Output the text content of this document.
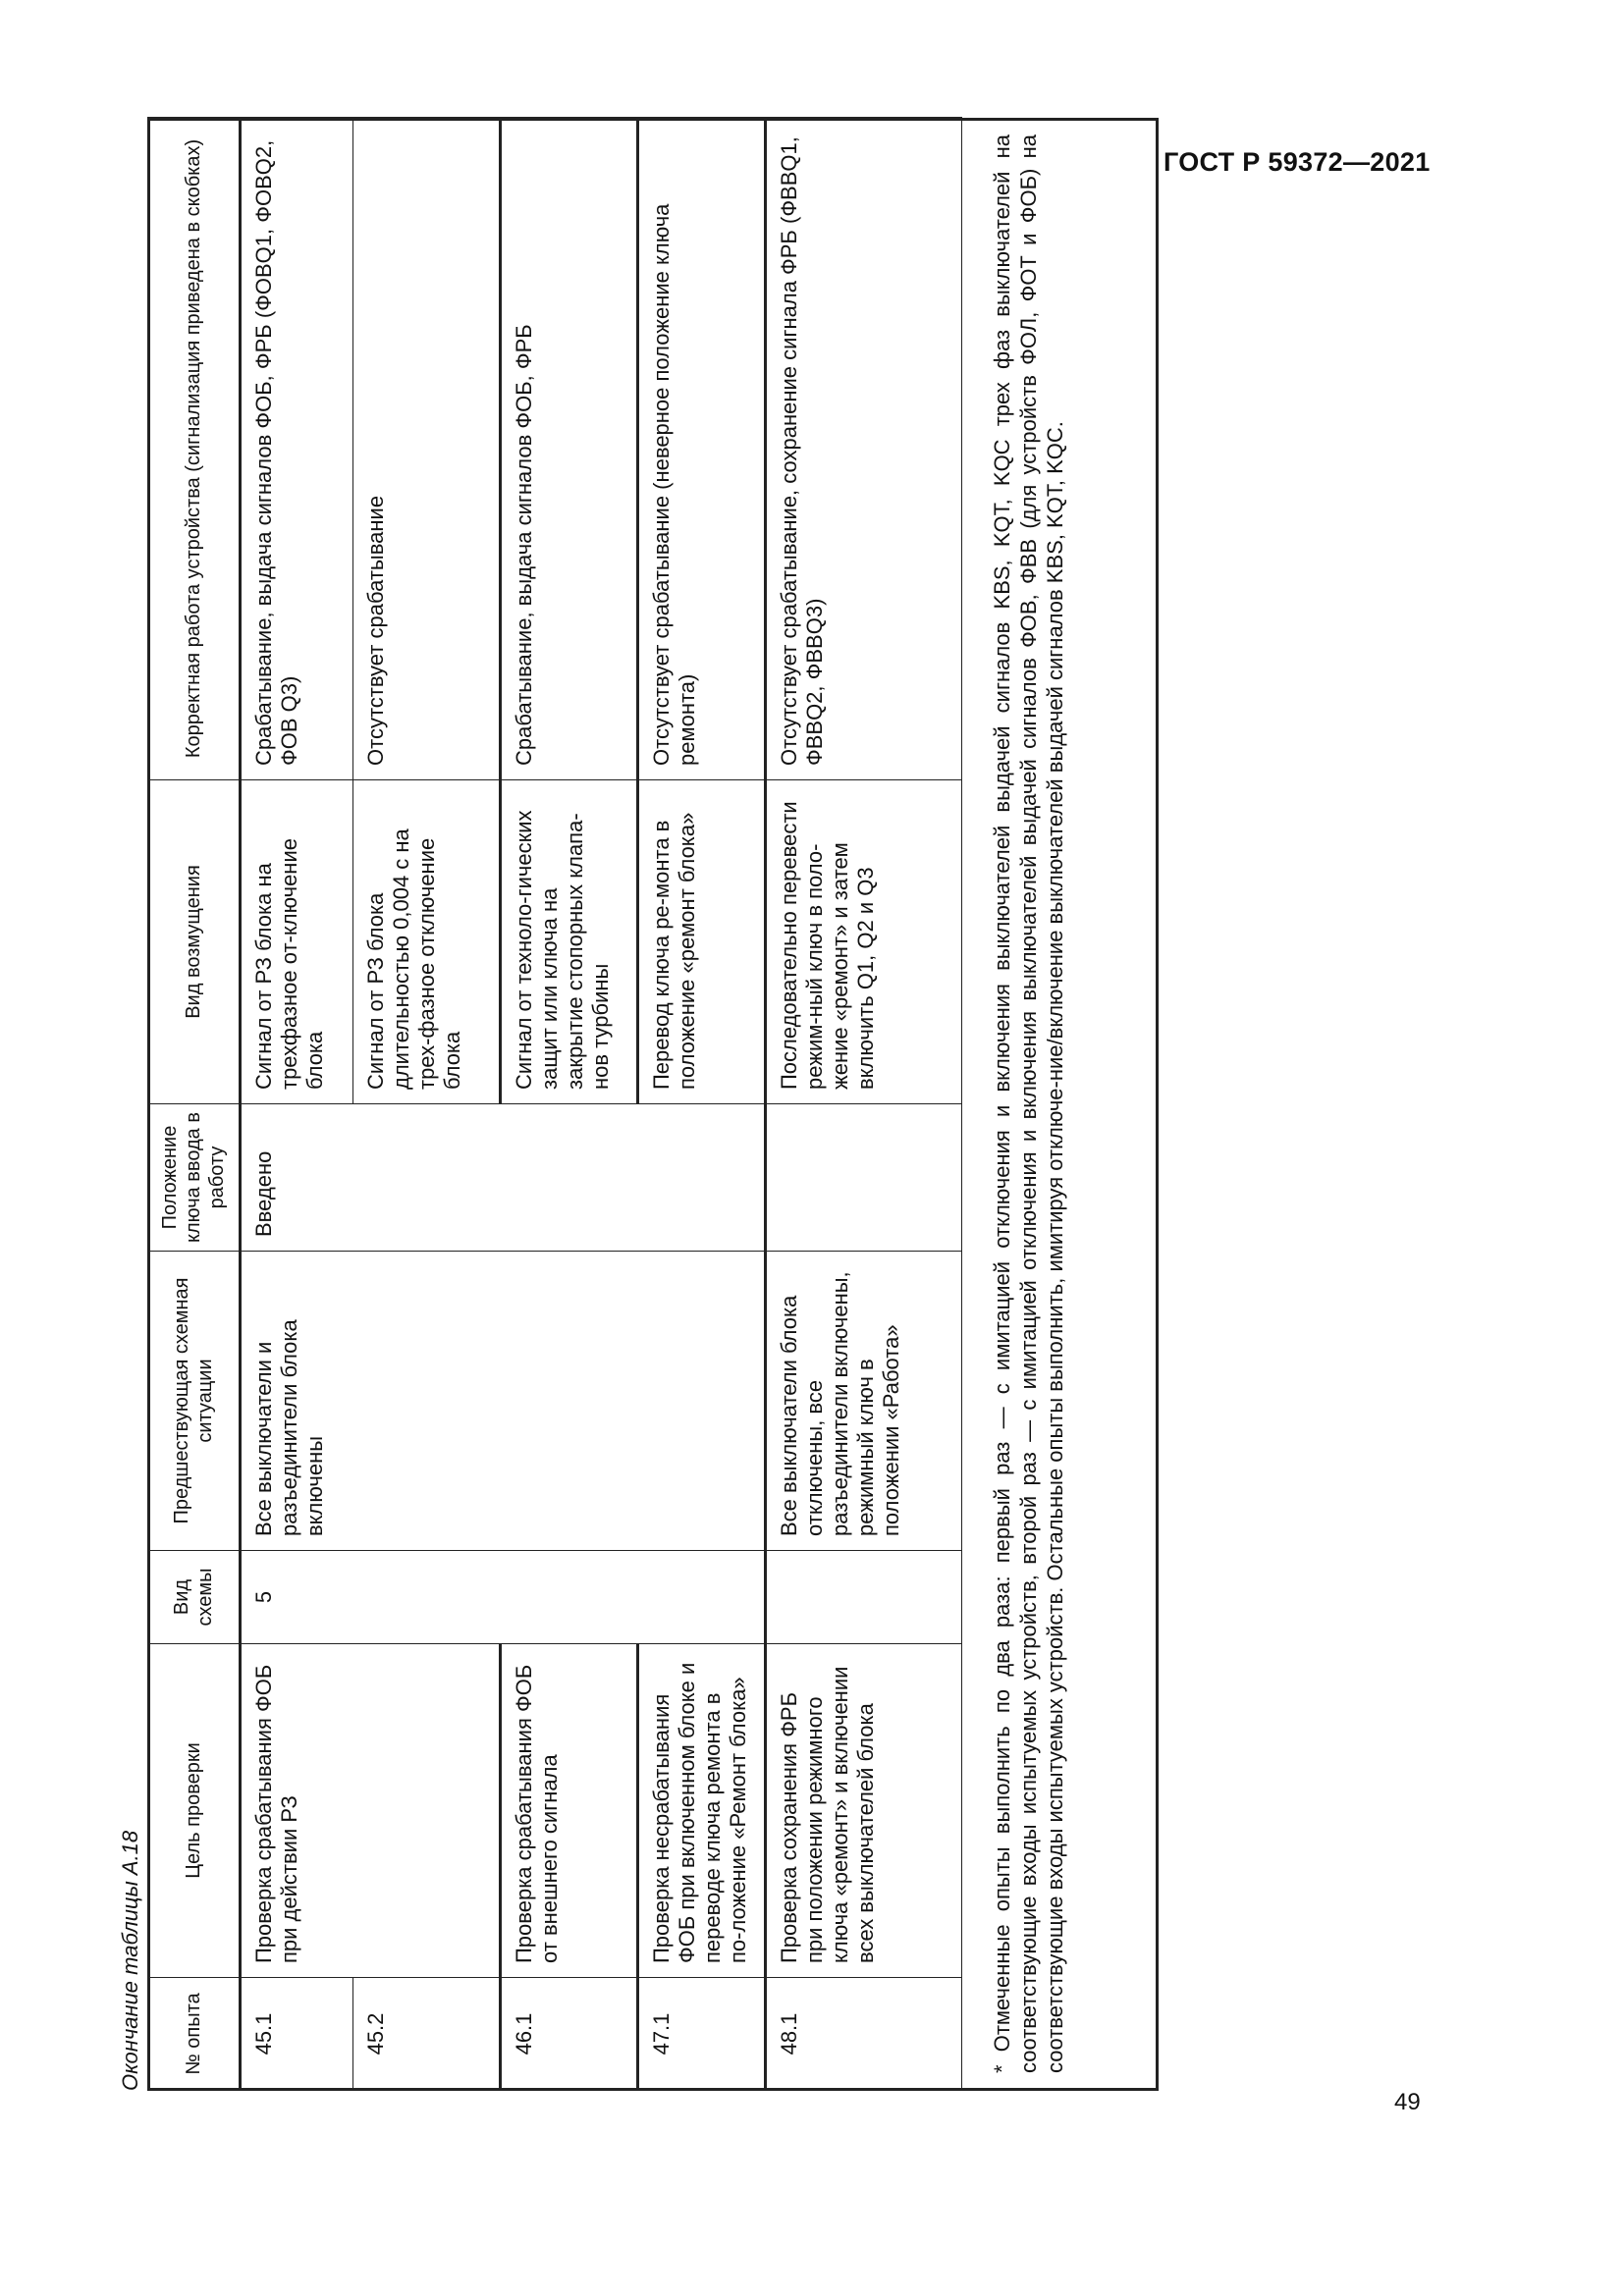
ГОСТ Р 59372—2021
Окончание таблицы А.18 № опыта	Цель проверки	Вид схемы	Предшествующая схемная ситуации	Положение ключа ввода в работу	Вид возмущения	Корректная работа устройства (сигнализация приведена в скобках)
45.1	Проверка срабатывания ФОБ при действии РЗ	5	Все выключатели и разъединители блока включены	Введено	Сигнал от РЗ блока на трехфазное от-ключение блока	Срабатывание, выдача сигналов ФОБ, ФРБ (ФОВQ1, ФОВQ2, ФОВ Q3)
45.2					Сигнал от РЗ блока длительностью 0,004 с на трех-фазное отключение блока	Отсутствует срабатывание
46.1	Проверка срабатывания ФОБ от внешнего сигнала				Сигнал от техноло-гических защит или ключа на закрытие стопорных клапа-нов турбины	Срабатывание, выдача сигналов ФОБ, ФРБ
47.1	Проверка несрабатывания ФОБ при включенном блоке и переводе ключа ремонта в по-ложение «Ремонт блока»				Перевод ключа ре-монта в положение «ремонт блока»	Отсутствует срабатывание (неверное положение ключа ремонта)
48.1	Проверка сохранения ФРБ при положении режимного ключа «ремонт» и включении всех выключателей блока		Все выключатели блока отключены, все разъединители включены, режимный ключ в положении «Работа»		Последовательно перевести режим-ный ключ в поло-жение «ремонт» и затем включить Q1, Q2 и Q3	Отсутствует срабатывание, сохранение сигнала ФРБ (ФВВQ1, ФВВQ2, ФВВQ3)	* Отмеченные опыты выполнить по два раза: первый раз — с имитацией отключения и включения выключателей выдачей сигналов KBS, KQT, KQC трех фаз выключателей на соответствующие входы испытуемых устройств, второй раз — с имитацией отключения и включения выключателей выдачей сигналов ФОВ, ФВВ (для устройств ФОЛ, ФОТ и ФОБ) на соответствующие входы испытуемых устройств. Остальные опыты выполнить, имитируя отключе-ние/включение выключателей выдачей сигналов KBS, KQT, KQC.
49
